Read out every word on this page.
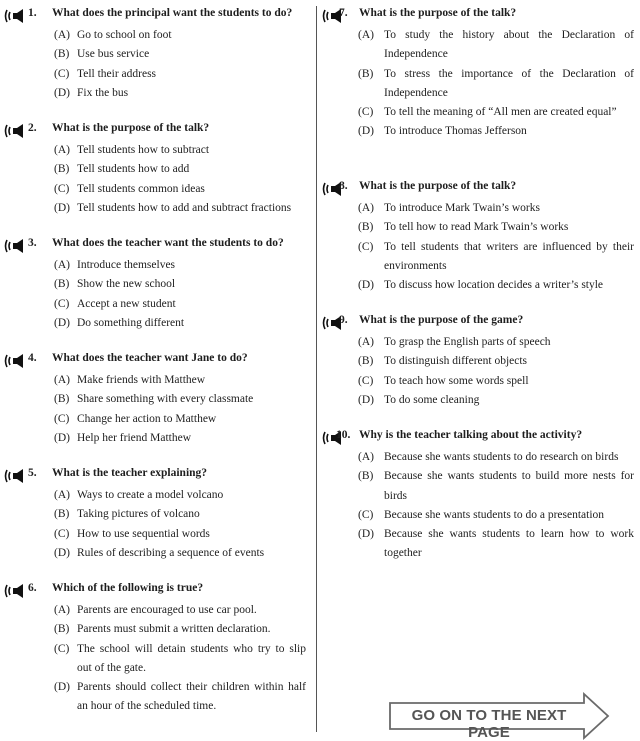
1. What does the principal want the students to do?
(A) Go to school on foot
(B) Use bus service
(C) Tell their address
(D) Fix the bus
2. What is the purpose of the talk?
(A) Tell students how to subtract
(B) Tell students how to add
(C) Tell students common ideas
(D) Tell students how to add and subtract fractions
3. What does the teacher want the students to do?
(A) Introduce themselves
(B) Show the new school
(C) Accept a new student
(D) Do something different
4. What does the teacher want Jane to do?
(A) Make friends with Matthew
(B) Share something with every classmate
(C) Change her action to Matthew
(D) Help her friend Matthew
5. What is the teacher explaining?
(A) Ways to create a model volcano
(B) Taking pictures of volcano
(C) How to use sequential words
(D) Rules of describing a sequence of events
6. Which of the following is true?
(A) Parents are encouraged to use car pool.
(B) Parents must submit a written declaration.
(C) The school will detain students who try to slip out of the gate.
(D) Parents should collect their children within half an hour of the scheduled time.
7. What is the purpose of the talk?
(A) To study the history about the Declaration of Independence
(B) To stress the importance of the Declaration of Independence
(C) To tell the meaning of “All men are created equal”
(D) To introduce Thomas Jefferson
8. What is the purpose of the talk?
(A) To introduce Mark Twain’s works
(B) To tell how to read Mark Twain’s works
(C) To tell students that writers are influenced by their environments
(D) To discuss how location decides a writer’s style
9. What is the purpose of the game?
(A) To grasp the English parts of speech
(B) To distinguish different objects
(C) To teach how some words spell
(D) To do some cleaning
10. Why is the teacher talking about the activity?
(A) Because she wants students to do research on birds
(B) Because she wants students to build more nests for birds
(C) Because she wants students to do a presentation
(D) Because she wants students to learn how to work together
GO ON TO THE NEXT PAGE
